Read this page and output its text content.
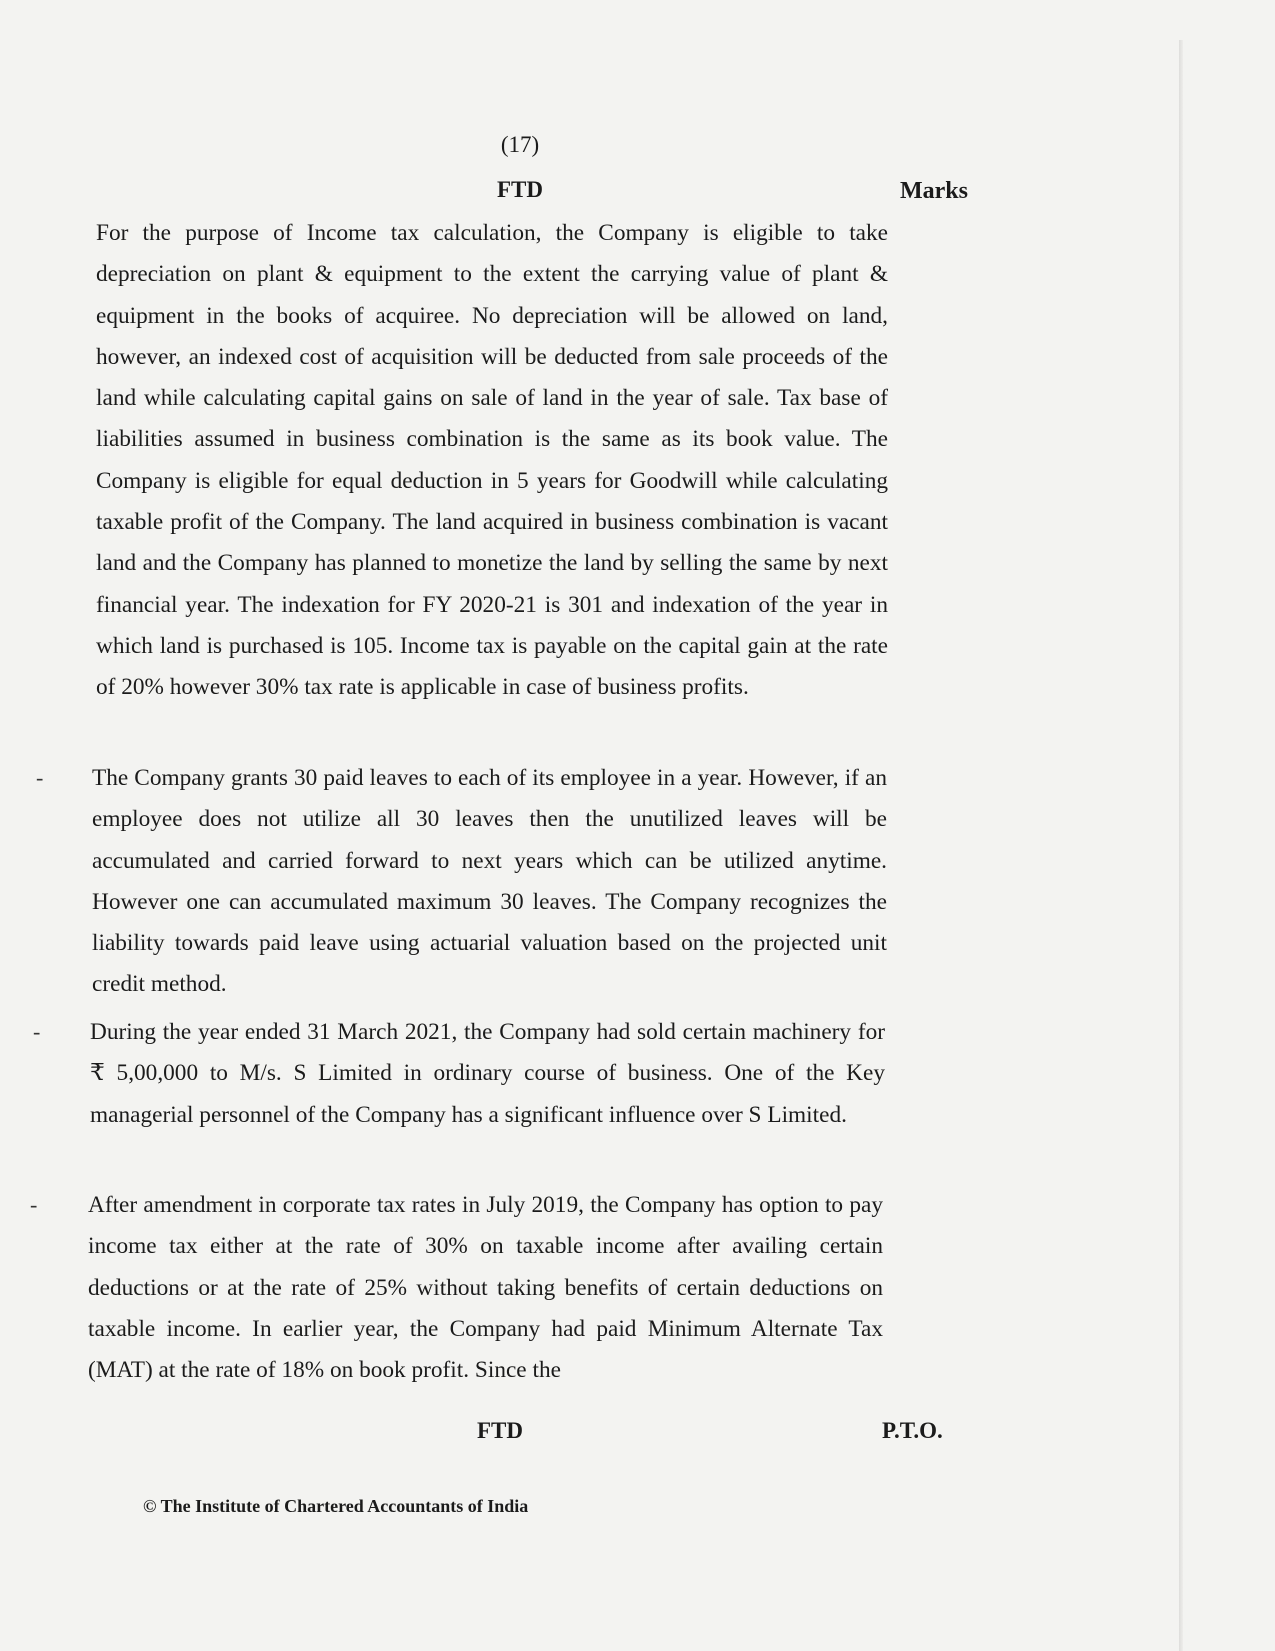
(17)
FTD	Marks

For the purpose of Income tax calculation, the Company is eligible to take depreciation on plant & equipment to the extent the carrying value of plant & equipment in the books of acquiree. No depreciation will be allowed on land, however, an indexed cost of acquisition will be deducted from sale proceeds of the land while calculating capital gains on sale of land in the year of sale. Tax base of liabilities assumed in business combination is the same as its book value. The Company is eligible for equal deduction in 5 years for Goodwill while calculating taxable profit of the Company. The land acquired in business combination is vacant land and the Company has planned to monetize the land by selling the same by next financial year. The indexation for FY 2020-21 is 301 and indexation of the year in which land is purchased is 105. Income tax is payable on the capital gain at the rate of 20% however 30% tax rate is applicable in case of business profits.

- The Company grants 30 paid leaves to each of its employee in a year. However, if an employee does not utilize all 30 leaves then the unutilized leaves will be accumulated and carried forward to next years which can be utilized anytime. However one can accumulated maximum 30 leaves. The Company recognizes the liability towards paid leave using actuarial valuation based on the projected unit credit method.

- During the year ended 31 March 2021, the Company had sold certain machinery for ₹ 5,00,000 to M/s. S Limited in ordinary course of business. One of the Key managerial personnel of the Company has a significant influence over S Limited.

- After amendment in corporate tax rates in July 2019, the Company has option to pay income tax either at the rate of 30% on taxable income after availing certain deductions or at the rate of 25% without taking benefits of certain deductions on taxable income. In earlier year, the Company had paid Minimum Alternate Tax (MAT) at the rate of 18% on book profit. Since the

FTD	P.T.O.
© The Institute of Chartered Accountants of India
